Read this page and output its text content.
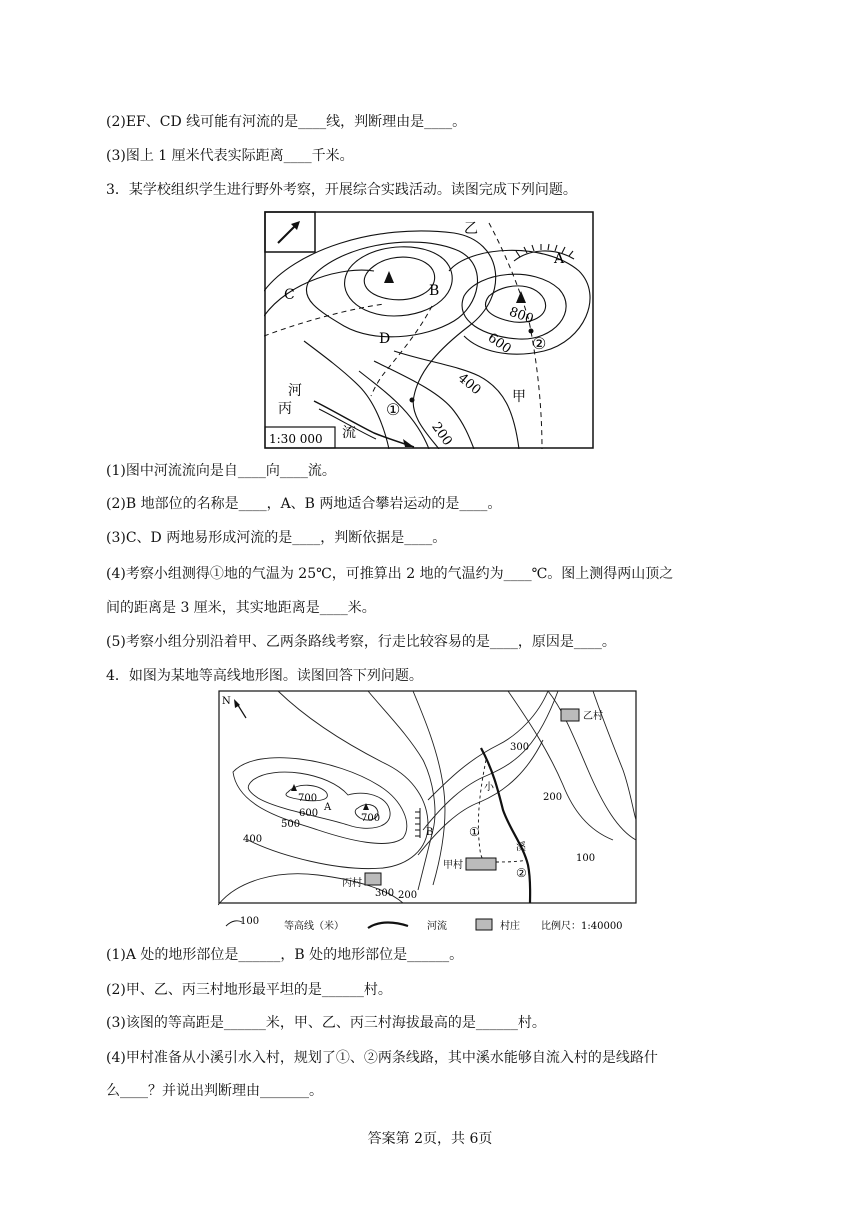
(2)EF、CD 线可能有河流的是____线，判断理由是____。
(3)图上 1 厘米代表实际距离____千米。
3．某学校组织学生进行野外考察，开展综合实践活动。读图完成下列问题。
1:30 000
乙
A
B
C
D
800
600
400
200
甲
①
②
河
丙
流
(1)图中河流流向是自____向____流。
(2)B 地部位的名称是____，A、B 两地适合攀岩运动的是____。
(3)C、D 两地易形成河流的是____，判断依据是____。
(4)考察小组测得①地的气温为 25℃，可推算出 2 地的气温约为____℃。图上测得两山顶之
间的距离是 3 厘米，其实地距离是____米。
(5)考察小组分别沿着甲、乙两条路线考察，行走比较容易的是____，原因是____。
4．如图为某地等高线地形图。读图回答下列问题。
N
乙村
300
200
100
700
700
A
600
500
400
B
小
溪
①
②
甲村
丙村
300 200
100 等高线（米）	河流	村庄 比例尺：1:40000
(1)A 处的地形部位是______，B 处的地形部位是______。
(2)甲、乙、丙三村地形最平坦的是______村。
(3)该图的等高距是______米，甲、乙、丙三村海拔最高的是______村。
(4)甲村准备从小溪引水入村，规划了①、②两条线路，其中溪水能够自流入村的是线路什
么____？并说出判断理由_______。
答案第 2页，共 6页
